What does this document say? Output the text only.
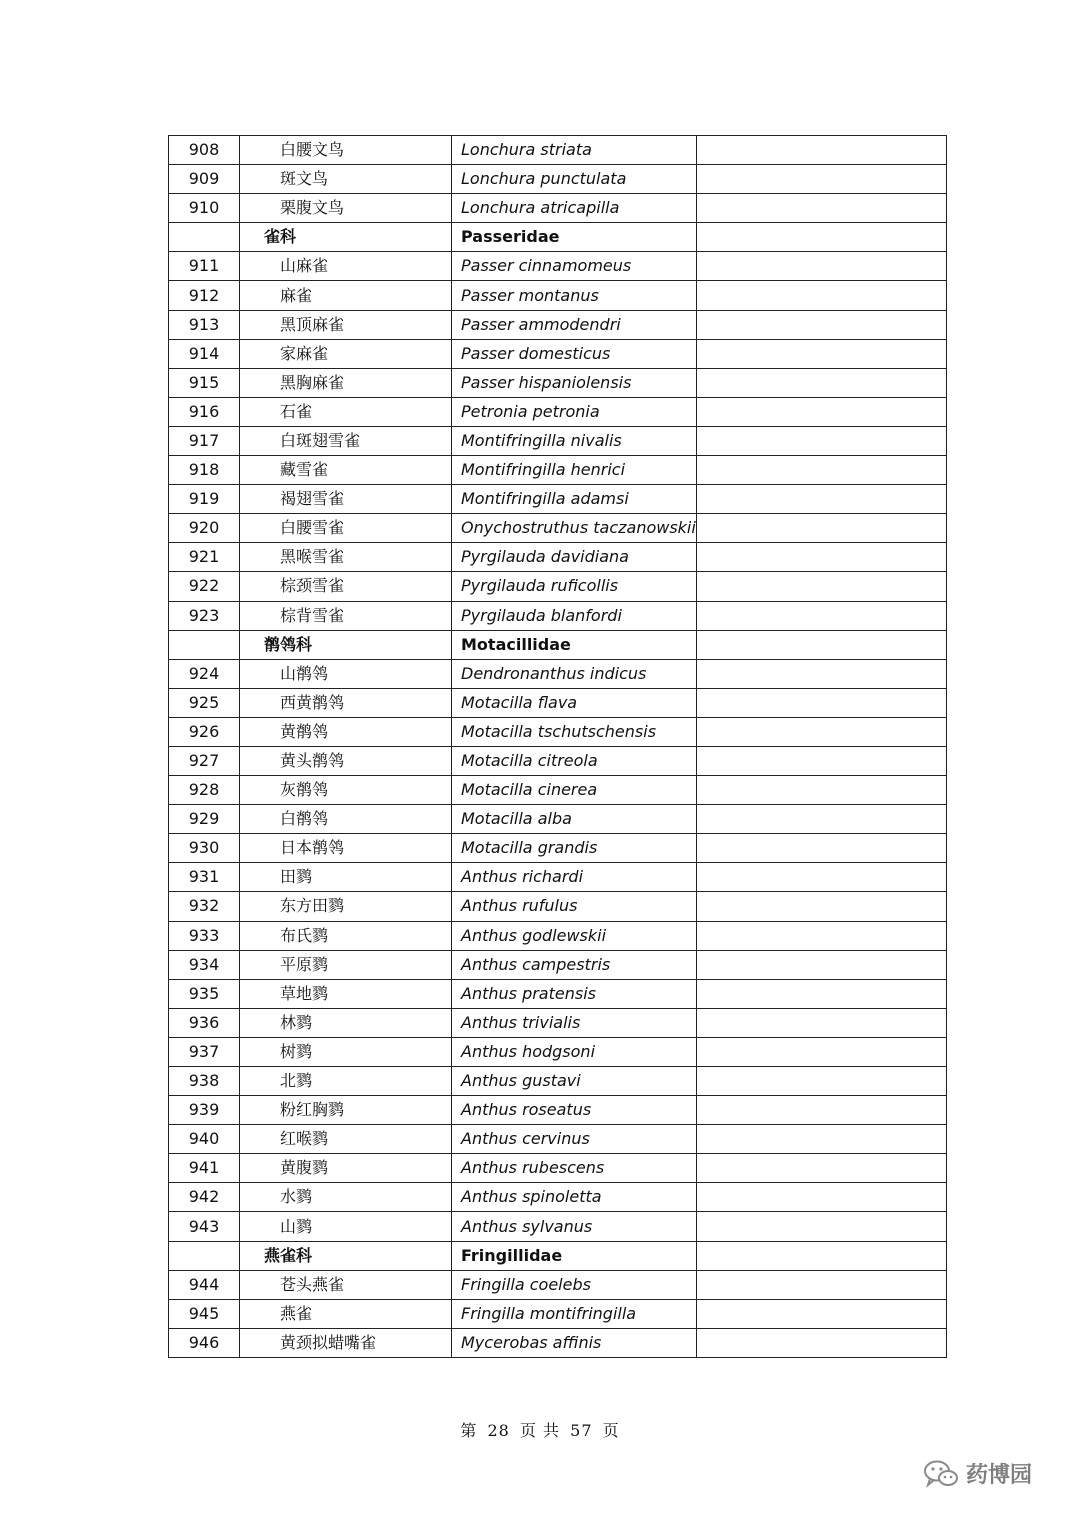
908	白腰文鸟	Lonchura striata	
909	斑文鸟	Lonchura punctulata	
910	栗腹文鸟	Lonchura atricapilla	
	雀科	Passeridae	
911	山麻雀	Passer cinnamomeus	
912	麻雀	Passer montanus	
913	黑顶麻雀	Passer ammodendri	
914	家麻雀	Passer domesticus	
915	黑胸麻雀	Passer hispaniolensis	
916	石雀	Petronia petronia	
917	白斑翅雪雀	Montifringilla nivalis	
918	藏雪雀	Montifringilla henrici	
919	褐翅雪雀	Montifringilla adamsi	
920	白腰雪雀	Onychostruthus taczanowskii	
921	黑喉雪雀	Pyrgilauda davidiana	
922	棕颈雪雀	Pyrgilauda ruficollis	
923	棕背雪雀	Pyrgilauda blanfordi	
	鹡鸰科	Motacillidae	
924	山鹡鸰	Dendronanthus indicus	
925	西黄鹡鸰	Motacilla flava	
926	黄鹡鸰	Motacilla tschutschensis	
927	黄头鹡鸰	Motacilla citreola	
928	灰鹡鸰	Motacilla cinerea	
929	白鹡鸰	Motacilla alba	
930	日本鹡鸰	Motacilla grandis	
931	田鹨	Anthus richardi	
932	东方田鹨	Anthus rufulus	
933	布氏鹨	Anthus godlewskii	
934	平原鹨	Anthus campestris	
935	草地鹨	Anthus pratensis	
936	林鹨	Anthus trivialis	
937	树鹨	Anthus hodgsoni	
938	北鹨	Anthus gustavi	
939	粉红胸鹨	Anthus roseatus	
940	红喉鹨	Anthus cervinus	
941	黄腹鹨	Anthus rubescens	
942	水鹨	Anthus spinoletta	
943	山鹨	Anthus sylvanus	
	燕雀科	Fringillidae	
944	苍头燕雀	Fringilla coelebs	
945	燕雀	Fringilla montifringilla	
946	黄颈拟蜡嘴雀	Mycerobas affinis	
第 28 页 共 57 页
药博园
